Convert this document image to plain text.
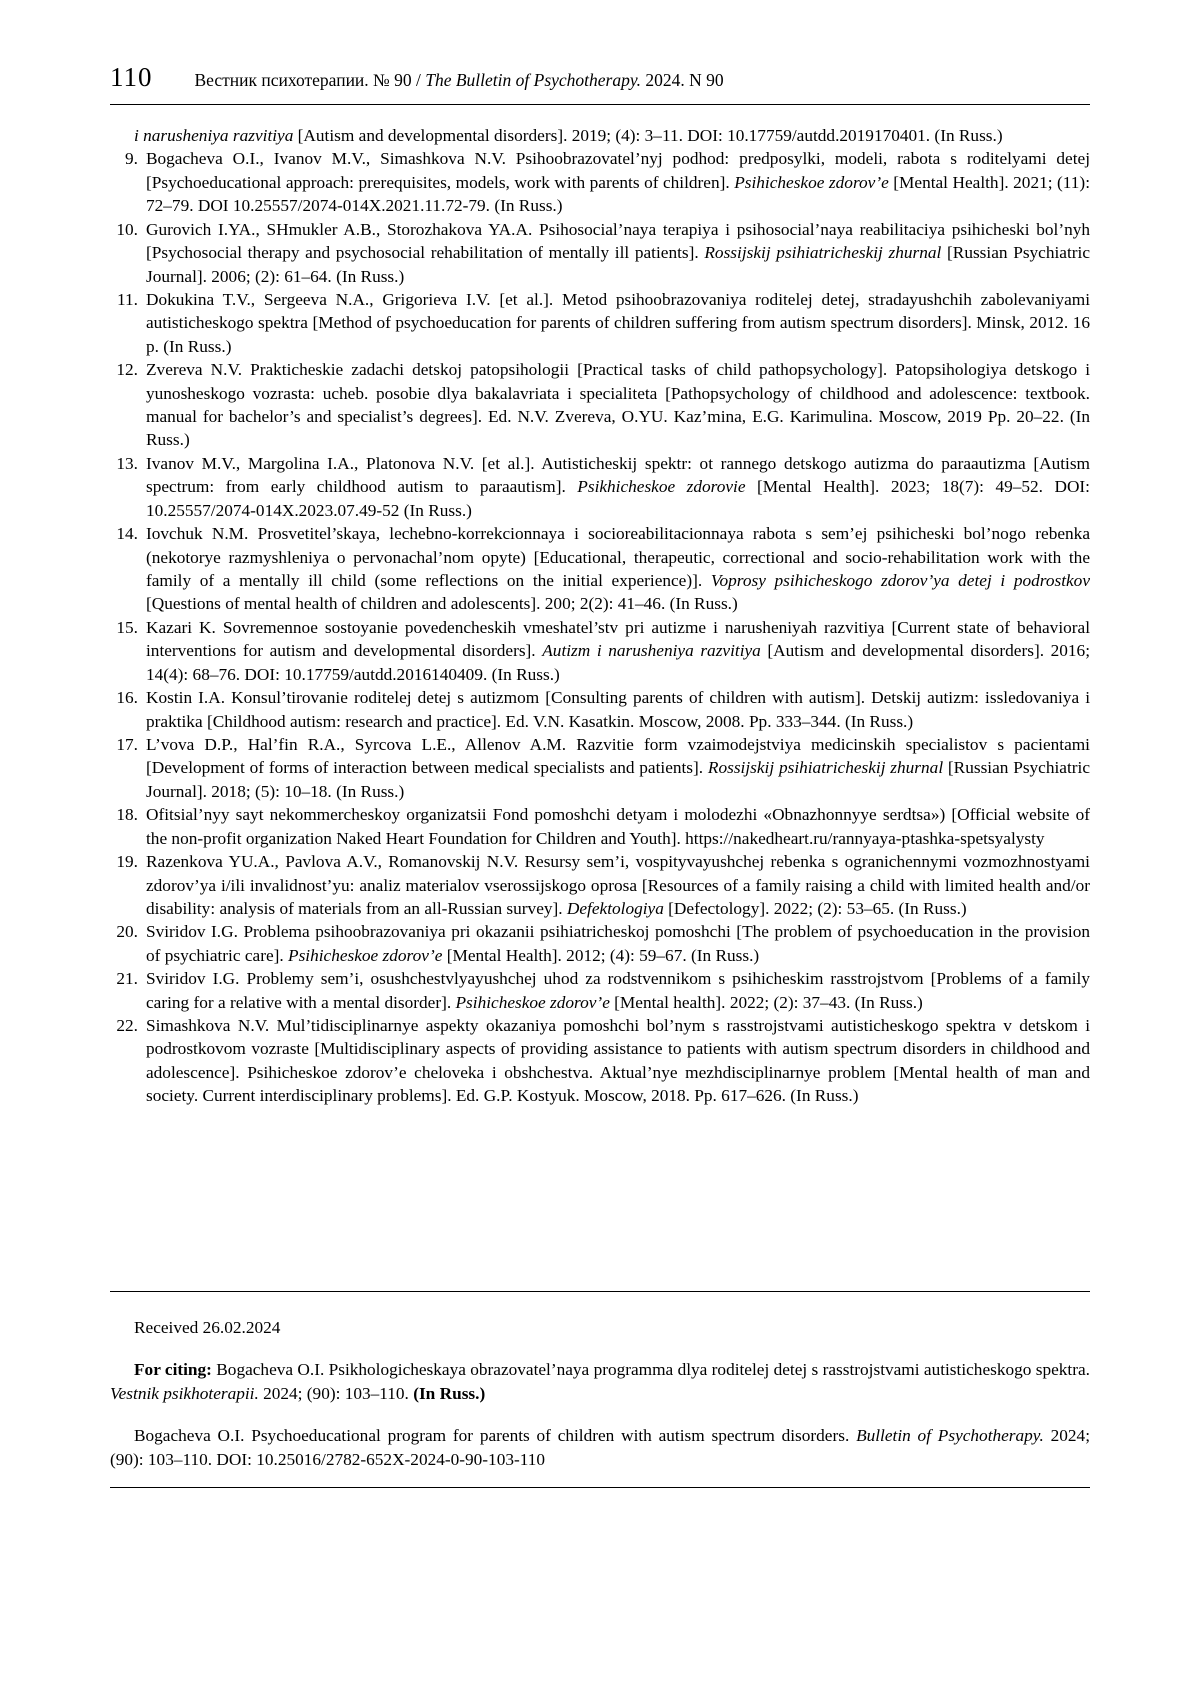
110 Вестник психотерапии. № 90 / The Bulletin of Psychotherapy. 2024. N 90
i narusheniya razvitiya [Autism and developmental disorders]. 2019; (4): 3–11. DOI: 10.17759/autdd.2019170401. (In Russ.)
9. Bogacheva O.I., Ivanov M.V., Simashkova N.V. Psihoobrazovatel’nyj podhod: predposylki, modeli, rabota s roditelyami detej [Psychoeducational approach: prerequisites, models, work with parents of children]. Psihicheskoe zdorov’e [Mental Health]. 2021; (11): 72–79. DOI 10.25557/2074-014X.2021.11.72-79. (In Russ.)
10. Gurovich I.YA., SHmukler A.B., Storozhakova YA.A. Psihosocial’naya terapiya i psihosocial’naya reabilitaciya psihicheski bol’nyh [Psychosocial therapy and psychosocial rehabilitation of mentally ill patients]. Rossijskij psihiatricheskij zhurnal [Russian Psychiatric Journal]. 2006; (2): 61–64. (In Russ.)
11. Dokukina T.V., Sergeeva N.A., Grigorieva I.V. [et al.]. Metod psihoobrazovaniya roditelej detej, stradayushchih zabolevaniyami autisticheskogo spektra [Method of psychoeducation for parents of children suffering from autism spectrum disorders]. Minsk, 2012. 16 p. (In Russ.)
12. Zvereva N.V. Prakticheskie zadachi detskoj patopsihologii [Practical tasks of child pathopsychology]. Patopsihologiya detskogo i yunosheskogo vozrasta: ucheb. posobie dlya bakalavriata i specialiteta [Pathopsychology of childhood and adolescence: textbook. manual for bachelor’s and specialist’s degrees]. Ed. N.V. Zvereva, O.YU. Kaz’mina, E.G. Karimulina. Moscow, 2019 Pp. 20–22. (In Russ.)
13. Ivanov M.V., Margolina I.A., Platonova N.V. [et al.]. Autisticheskij spektr: ot rannego detskogo autizma do paraautizma [Autism spectrum: from early childhood autism to paraautism]. Psikhicheskoe zdorovie [Mental Health]. 2023; 18(7): 49–52. DOI: 10.25557/2074-014X.2023.07.49-52 (In Russ.)
14. Iovchuk N.M. Prosvetitel’skaya, lechebno-korrekcionnaya i socioreabilitacionnaya rabota s sem’ej psihicheski bol’nogo rebenka (nekotorye razmyshleniya o pervonachal’nom opyte) [Educational, therapeutic, correctional and socio-rehabilitation work with the family of a mentally ill child (some reflections on the initial experience)]. Voprosy psihicheskogo zdorov’ya detej i podrostkov [Questions of mental health of children and adolescents]. 200; 2(2): 41–46. (In Russ.)
15. Kazari K. Sovremennoe sostoyanie povedencheskih vmeshatel’stv pri autizme i narusheniyah razvitiya [Current state of behavioral interventions for autism and developmental disorders]. Autizm i narusheniya razvitiya [Autism and developmental disorders]. 2016; 14(4): 68–76. DOI: 10.17759/autdd.2016140409. (In Russ.)
16. Kostin I.A. Konsul’tirovanie roditelej detej s autizmom [Consulting parents of children with autism]. Detskij autizm: issledovaniya i praktika [Childhood autism: research and practice]. Ed. V.N. Kasatkin. Moscow, 2008. Pp. 333–344. (In Russ.)
17. L’vova D.P., Hal’fin R.A., Syrcova L.E., Allenov A.M. Razvitie form vzaimodejstviya medicinskih specialistov s pacientami [Development of forms of interaction between medical specialists and patients]. Rossijskij psihiatricheskij zhurnal [Russian Psychiatric Journal]. 2018; (5): 10–18. (In Russ.)
18. Ofitsial’nyy sayt nekommercheskoy organizatsii Fond pomoshchi detyam i molodezhi «Obnazhonnyye serdtsa») [Official website of the non-profit organization Naked Heart Foundation for Children and Youth]. https://nakedheart.ru/rannyaya-ptashka-spetsyalysty
19. Razenkova YU.A., Pavlova A.V., Romanovskij N.V. Resursy sem’i, vospityvayushchej rebenka s ogranichennymi vozmozhnostyami zdorov’ya i/ili invalidnost’yu: analiz materialov vserossijskogo oprosa [Resources of a family raising a child with limited health and/or disability: analysis of materials from an all-Russian survey]. Defektologiya [Defectology]. 2022; (2): 53–65. (In Russ.)
20. Sviridov I.G. Problema psihoobrazovaniya pri okazanii psihiatricheskoj pomoshchi [The problem of psychoeducation in the provision of psychiatric care]. Psihicheskoe zdorov’e [Mental Health]. 2012; (4): 59–67. (In Russ.)
21. Sviridov I.G. Problemy sem’i, osushchestvlyayushchej uhod za rodstvennikom s psihicheskim rasstrojstvom [Problems of a family caring for a relative with a mental disorder]. Psihicheskoe zdorov’e [Mental health]. 2022; (2): 37–43. (In Russ.)
22. Simashkova N.V. Mul’tidisciplinarnye aspekty okazaniya pomoshchi bol’nym s rasstrojstvami autisticheskogo spektra v detskom i podrostkovom vozraste [Multidisciplinary aspects of providing assistance to patients with autism spectrum disorders in childhood and adolescence]. Psihicheskoe zdorov’e cheloveka i obshchestva. Aktual’nye mezhdisciplinarnye problem [Mental health of man and society. Current interdisciplinary problems]. Ed. G.P. Kostyuk. Moscow, 2018. Pp. 617–626. (In Russ.)
Received 26.02.2024
For citing: Bogacheva O.I. Psikhologicheskaya obrazovatel’naya programma dlya roditelej detej s rasstrojstvami autisticheskogo spektra. Vestnik psikhoterapii. 2024; (90): 103–110. (In Russ.)
Bogacheva O.I. Psychoeducational program for parents of children with autism spectrum disorders. Bulletin of Psychotherapy. 2024; (90): 103–110. DOI: 10.25016/2782-652X-2024-0-90-103-110
